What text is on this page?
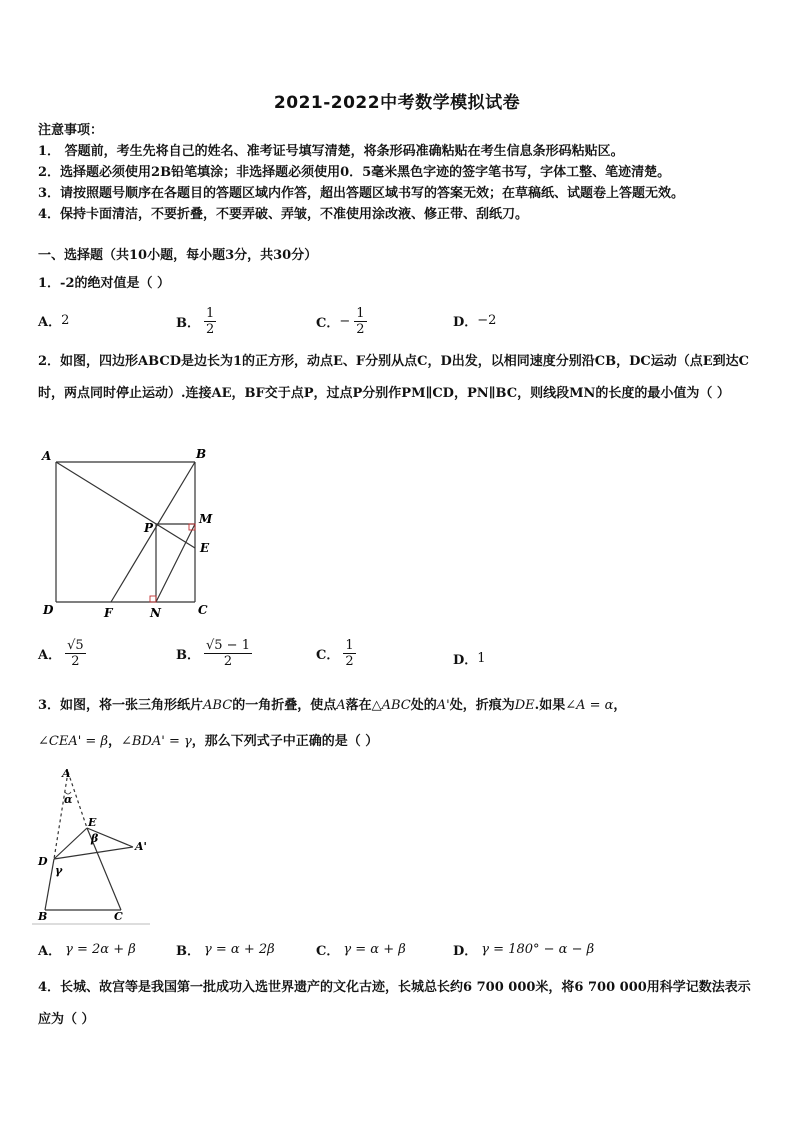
2021-2022中考数学模拟试卷

注意事项：

1． 答题前，考生先将自己的姓名、准考证号填写清楚，将条形码准确粘贴在考生信息条形码粘贴区。

2．选择题必须使用2B铅笔填涂；非选择题必须使用0．5毫米黑色字迹的签字笔书写，字体工整、笔迹清楚。

3．请按照题号顺序在各题目的答题区域内作答，超出答题区域书写的答案无效；在草稿纸、试题卷上答题无效。

4．保持卡面清洁，不要折叠，不要弄破、弄皱，不准使用涂改液、修正带、刮纸刀。

一、选择题（共10小题，每小题3分，共30分）
1．-2的绝对值是（ ）
A． 2	B． $\frac{1}{2}$	C． − $\frac{1}{2}$	D． −2
2．如图，四边形ABCD是边长为1的正方形，动点E、F分别从点C，D出发，以相同速度分别沿CB，DC运动（点E到达C时，两点同时停止运动）.连接AE，BF交于点P，过点P分别作PM∥CD，PN∥BC，则线段MN的长度的最小值为（ ）
A	B
C
D
E
F
M
N
P
A． $\frac{√5}{2}$	B． $\frac{√5 - 1}{2}$	C． $\frac{1}{2}$	D． 1
3．如图，将一张三角形纸片ABC的一角折叠，使点A落在△ABC处的A'处，折痕为DE.如果∠A = α，
∠CEA' = β，∠BDA' = γ，那么下列式子中正确的是（ ）
A
α
E
β
A'
D
γ
B	C
A． γ = 2α + β	B． γ = α + 2β	C． γ = α + β	D． γ = 180° − α − β
4．长城、故宫等是我国第一批成功入选世界遗产的文化古迹，长城总长约6 700 000米，将6 700 000用科学记数法表示应为（ ）
